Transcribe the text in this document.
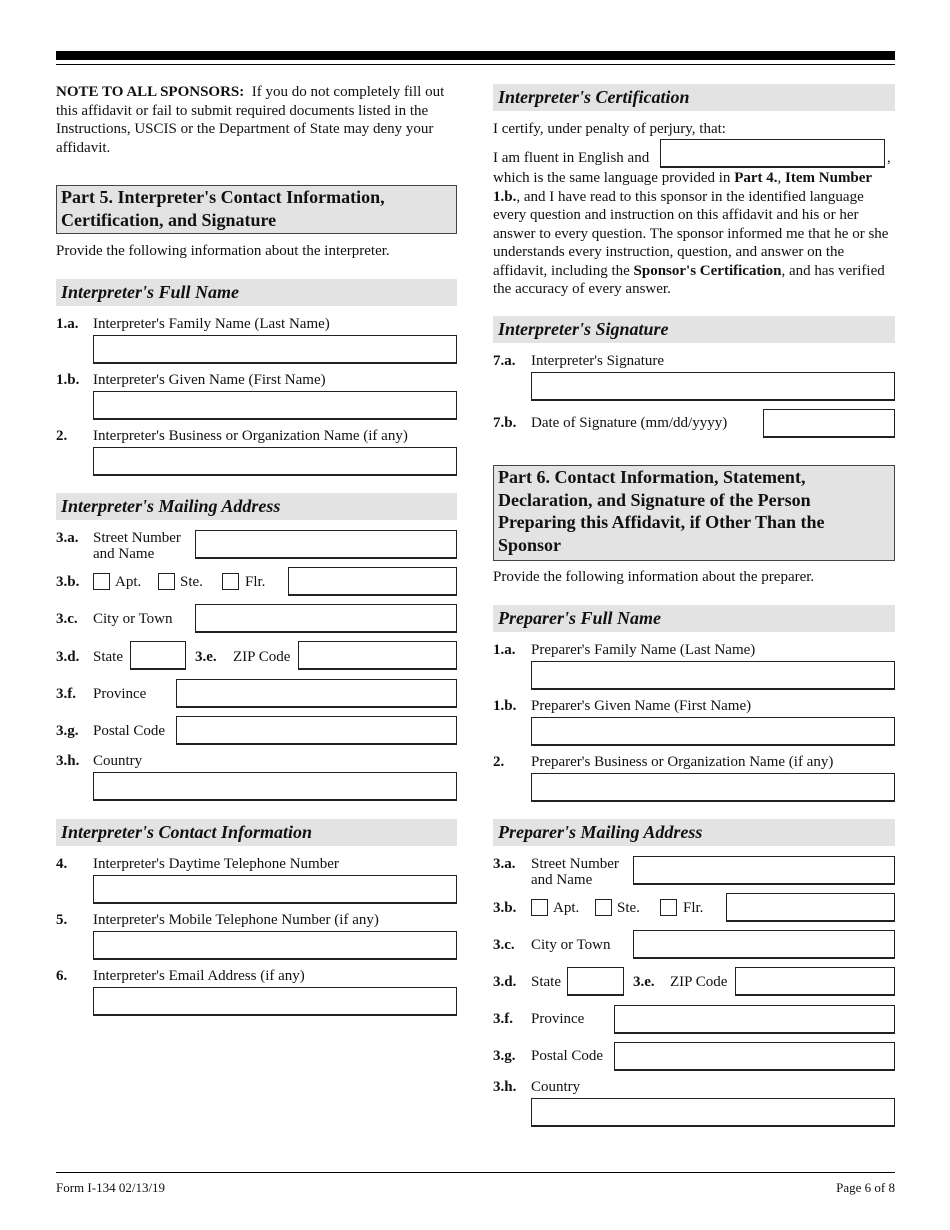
NOTE TO ALL SPONSORS: If you do not completely fill out this affidavit or fail to submit required documents listed in the Instructions, USCIS or the Department of State may deny your affidavit.
Part 5. Interpreter's Contact Information, Certification, and Signature
Provide the following information about the interpreter.
Interpreter's Full Name
1.a. Interpreter's Family Name (Last Name)
1.b. Interpreter's Given Name (First Name)
2. Interpreter's Business or Organization Name (if any)
Interpreter's Mailing Address
3.a. Street Number
and Name
3.b. Apt.	Ste.	Flr.
3.c. City or Town
3.d. State	3.e. ZIP Code
3.f. Province
3.g. Postal Code
3.h. Country
Interpreter's Contact Information
4. Interpreter's Daytime Telephone Number
5. Interpreter's Mobile Telephone Number (if any)
6. Interpreter's Email Address (if any)
Interpreter's Certification
I certify, under penalty of perjury, that:
I am fluent in English and	,
which is the same language provided in Part 4., Item Number 1.b., and I have read to this sponsor in the identified language every question and instruction on this affidavit and his or her answer to every question. The sponsor informed me that he or she understands every instruction, question, and answer on the affidavit, including the Sponsor's Certification, and has verified the accuracy of every answer.
Interpreter's Signature
7.a. Interpreter's Signature
7.b. Date of Signature (mm/dd/yyyy)
Part 6. Contact Information, Statement, Declaration, and Signature of the Person Preparing this Affidavit, if Other Than the Sponsor
Provide the following information about the preparer.
Preparer's Full Name
1.a. Preparer's Family Name (Last Name)
1.b. Preparer's Given Name (First Name)
2. Preparer's Business or Organization Name (if any)
Preparer's Mailing Address
3.a. Street Number
and Name
3.b. Apt.	Ste.	Flr.
3.c. City or Town
3.d. State	3.e. ZIP Code
3.f. Province
3.g. Postal Code
3.h. Country
Form I-134 02/13/19	Page 6 of 8
